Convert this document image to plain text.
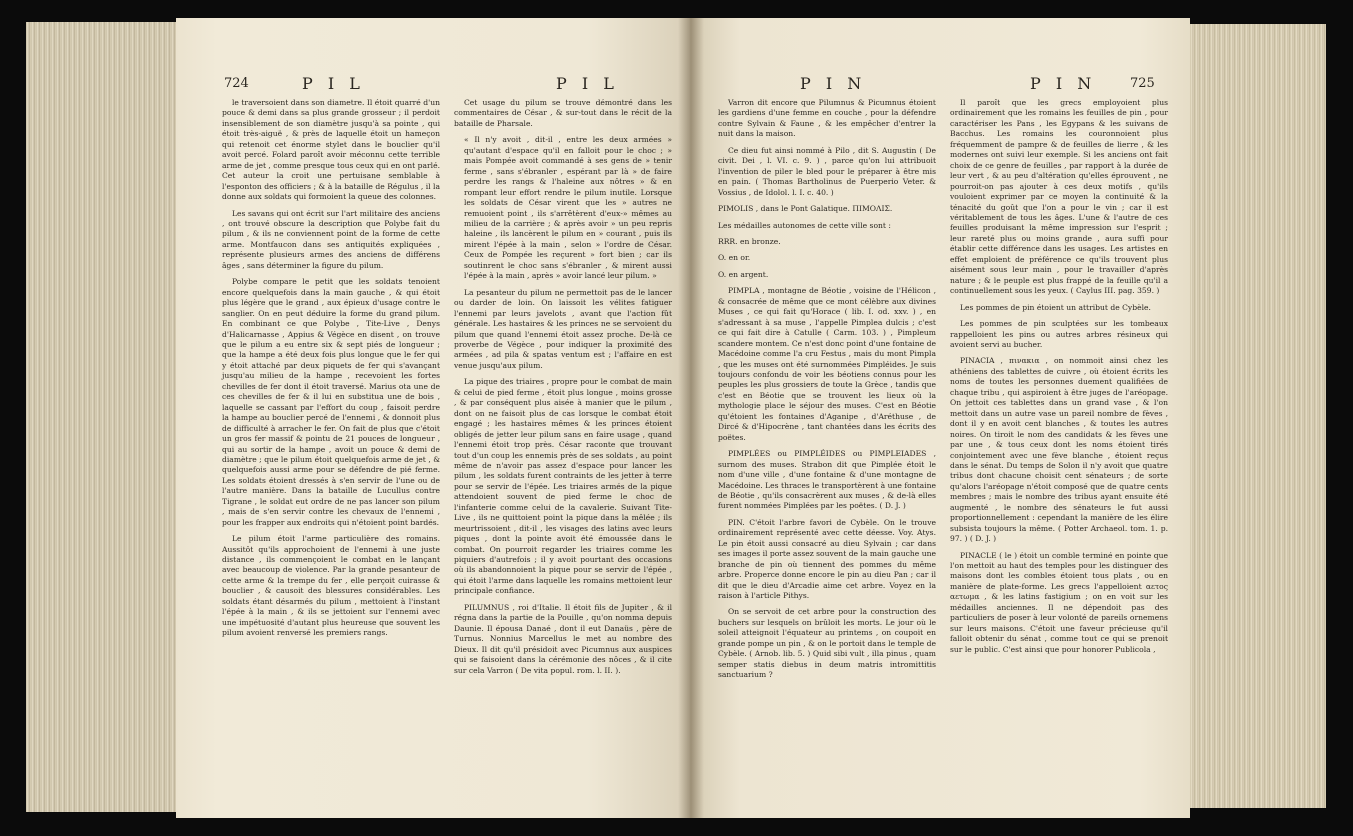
724	P I L	P I L

le traversoient dans son diametre. Il étoit quarré d'un pouce & demi dans sa plus grande grosseur ; il perdoit insensiblement de son diamètre jusqu'à sa pointe , qui étoit très-aiguë , & près de laquelle étoit un hameçon qui retenoit cet énorme stylet dans le bouclier qu'il avoit percé. Folard paroît avoir méconnu cette terrible arme de jet , comme presque tous ceux qui en ont parlé. Cet auteur la croit une pertuisane semblable à l'esponton des officiers ; & à la bataille de Régulus , il la donne aux soldats qui formoient la queue des colonnes.

Les savans qui ont écrit sur l'art militaire des anciens , ont trouvé obscure la description que Polybe fait du pilum , & ils ne conviennent point de la forme de cette arme. Montfaucon dans ses antiquités expliquées , représente plusieurs armes des anciens de différens âges , sans déterminer la figure du pilum.

Polybe compare le petit que les soldats tenoient encore quelquefois dans la main gauche , & qui étoit plus légère que le grand , aux épieux d'usage contre le sanglier. On en peut déduire la forme du grand pilum. En combinant ce que Polybe , Tite-Live , Denys d'Halicarnasse , Appius & Végèce en disent , on trouve que le pilum a eu entre six & sept piés de longueur ; que la hampe a été deux fois plus longue que le fer qui y étoit attaché par deux piquets de fer qui s'avançant jusqu'au milieu de la hampe , recevoient les fortes chevilles de fer dont il étoit traversé. Marius ota une de ces chevilles de fer & il lui en substitua une de bois , laquelle se cassant par l'effort du coup , faisoit perdre la hampe au bouclier percé de l'ennemi , & donnoit plus de difficulté à arracher le fer. On fait de plus que c'étoit un gros fer massif & pointu de 21 pouces de longueur , qui au sortir de la hampe , avoit un pouce & demi de diamètre ; que le pilum étoit quelquefois arme de jet , & quelquefois aussi arme pour se défendre de pié ferme. Les soldats étoient dressés à s'en servir de l'une ou de l'autre manière. Dans la bataille de Lucullus contre Tigrane , le soldat eut ordre de ne pas lancer son pilum , mais de s'en servir contre les chevaux de l'ennemi , pour les frapper aux endroits qui n'étoient point bardés.

Le pilum étoit l'arme particulière des romains. Aussitôt qu'ils approchoient de l'ennemi à une juste distance , ils commençoient le combat en le lançant avec beaucoup de violence. Par la grande pesanteur de cette arme & la trempe du fer , elle perçoit cuirasse & bouclier , & causoit des blessures considérables. Les soldats étant désarmés du pilum , mettoient à l'instant l'épée à la main , & ils se jettoient sur l'ennemi avec une impétuosité d'autant plus heureuse que souvent les pilum avoient renversé les premiers rangs.

Cet usage du pilum se trouve démontré dans les commentaires de César , & sur-tout dans le récit de la bataille de Pharsale.

« Il n'y avoit , dit-il , entre les deux armées » qu'autant d'espace qu'il en falloit pour le choc ; » mais Pompée avoit commandé à ses gens de » tenir ferme , sans s'ébranler , espérant par là » de faire perdre les rangs & l'haleine aux nôtres » & en rompant leur effort rendre le pilum inutile. Lorsque les soldats de César virent que les » autres ne remuoient point , ils s'arrêtèrent d'eux-» mêmes au milieu de la carrière ; & après avoir » un peu repris haleine , ils lancèrent le pilum en » courant , puis ils mirent l'épée à la main , selon » l'ordre de César. Ceux de Pompée les reçurent » fort bien ; car ils soutinrent le choc sans s'ébranler , & mirent aussi l'épée à la main , après » avoir lancé leur pilum. »

La pesanteur du pilum ne permettoit pas de le lancer ou darder de loin. On laissoit les vélites fatiguer l'ennemi par leurs javelots , avant que l'action fût générale. Les hastaires & les princes ne se servoient du pilum que quand l'ennemi étoit assez proche. De-là ce proverbe de Végèce , pour indiquer la proximité des armées , ad pila & spatas ventum est ; l'affaire en est venue jusqu'aux pilum.

La pique des triaires , propre pour le combat de main & celui de pied ferme , étoit plus longue , moins grosse , & par conséquent plus aisée à manier que le pilum , dont on ne faisoit plus de cas lorsque le combat étoit engagé ; les hastaires mêmes & les princes étoient obligés de jetter leur pilum sans en faire usage , quand l'ennemi étoit trop près. César raconte que trouvant tout d'un coup les ennemis près de ses soldats , au point même de n'avoir pas assez d'espace pour lancer les pilum , les soldats furent contraints de les jetter à terre pour se servir de l'épée. Les triaires armés de la pique attendoient souvent de pied ferme le choc de l'infanterie comme celui de la cavalerie. Suivant Tite-Live , ils ne quittoient point la pique dans la mêlée ; ils meurtrissoient , dit-il , les visages des latins avec leurs piques , dont la pointe avoit été émoussée dans le combat. On pourroit regarder les triaires comme les piquiers d'autrefois ; il y avoit pourtant des occasions où ils abandonnoient la pique pour se servir de l'épée , qui étoit l'arme dans laquelle les romains mettoient leur principale confiance.

PILUMNUS , roi d'Italie. Il étoit fils de Jupiter , & il régna dans la partie de la Pouille , qu'on nomma depuis Daunie. Il épousa Danaé , dont il eut Danaüs , père de Turnus. Nonnius Marcellus le met au nombre des Dieux. Il dit qu'il présidoit avec Picumnus aux auspices qui se faisoient dans la cérémonie des nôces , & il cite sur cela Varron ( De vita popul. rom. l. II. ).

P I N	P I N	725

Varron dit encore que Pilumnus & Picumnus étoient les gardiens d'une femme en couche , pour la défendre contre Sylvain & Faune , & les empêcher d'entrer la nuit dans la maison.

Ce dieu fut ainsi nommé à Pilo , dit S. Augustin ( De civit. Dei , l. VI. c. 9. ) , parce qu'on lui attribuoit l'invention de piler le bled pour le préparer à être mis en pain. ( Thomas Bartholinus de Puerperio Veter. & Vossius , de Idolol. l. I. c. 40. )

PIMOLIS , dans le Pont Galatique. ΠΙΜΟΛΙΣ.

Les médailles autonomes de cette ville sont :

RRR. en bronze.

O. en or.

O. en argent.

PIMPLA , montagne de Béotie , voisine de l'Hélicon , & consacrée de même que ce mont célèbre aux divines Muses , ce qui fait qu'Horace ( lib. I. od. xxv. ) , en s'adressant à sa muse , l'appelle Pimplea dulcis ; c'est ce qui fait dire à Catulle ( Carm. 103. ) , Pimpleum scandere montem. Ce n'est donc point d'une fontaine de Macédoine comme l'a cru Festus , mais du mont Pimpla , que les muses ont été surnommées Pimpléides. Je suis toujours confondu de voir les béotiens connus pour les peuples les plus grossiers de toute la Grèce , tandis que c'est en Béotie que se trouvent les lieux où la mythologie place le séjour des muses. C'est en Béotie qu'étoient les fontaines d'Aganipe , d'Aréthuse , de Dircé & d'Hipocrène , tant chantées dans les écrits des poëtes.

PIMPLÉES ou PIMPLÉIDES ou PIMPLEIADES , surnom des muses. Strabon dit que Pimplée étoit le nom d'une ville , d'une fontaine & d'une montagne de Macédoine. Les thraces le transportèrent à une fontaine de Béotie , qu'ils consacrèrent aux muses , & de-là elles furent nommées Pimplées par les poëtes. ( D. J. )

PIN. C'étoit l'arbre favori de Cybèle. On le trouve ordinairement représenté avec cette déesse. Voy. Atys. Le pin étoit aussi consacré au dieu Sylvain ; car dans ses images il porte assez souvent de la main gauche une branche de pin où tiennent des pommes du même arbre. Properce donne encore le pin au dieu Pan ; car il dit que le dieu d'Arcadie aime cet arbre. Voyez en la raison à l'article Pithys.

On se servoit de cet arbre pour la construction des buchers sur lesquels on brûloit les morts. Le jour où le soleil atteignoit l'équateur au printems , on coupoit en grande pompe un pin , & on le portoit dans le temple de Cybèle. ( Arnob. lib. 5. ) Quid sibi vult , illa pinus , quam semper statis diebus in deum matris intromittitis sanctuarium ?

Il paroît que les grecs employoient plus ordinairement que les romains les feuilles de pin , pour caractériser les Pans , les Egypans & les suivans de Bacchus. Les romains les couronnoient plus fréquemment de pampre & de feuilles de lierre , & les modernes ont suivi leur exemple. Si les anciens ont fait choix de ce genre de feuilles , par rapport à la durée de leur vert , & au peu d'altération qu'elles éprouvent , ne pourroit-on pas ajouter à ces deux motifs , qu'ils vouloient exprimer par ce moyen la continuité & la ténacité du goût que l'on a pour le vin ; car il est véritablement de tous les âges. L'une & l'autre de ces feuilles produisant la même impression sur l'esprit ; leur rareté plus ou moins grande , aura suffi pour établir cette différence dans les usages. Les artistes en effet emploient de préférence ce qu'ils trouvent plus aisément sous leur main , pour le travailler d'après nature ; & le peuple est plus frappé de la feuille qu'il a continuellement sous les yeux. ( Caylus III. pag. 359. )

Les pommes de pin étoient un attribut de Cybèle.

Les pommes de pin sculptées sur les tombeaux rappelloient les pins ou autres arbres résineux qui avoient servi au bucher.

PINACIA , πινακια , on nommoit ainsi chez les athéniens des tablettes de cuivre , où étoient écrits les noms de toutes les personnes duement qualifiées de chaque tribu , qui aspiroient à être juges de l'aréopage. On jettoit ces tablettes dans un grand vase , & l'on mettoit dans un autre vase un pareil nombre de fèves , dont il y en avoit cent blanches , & toutes les autres noires. On tiroit le nom des candidats & les fèves une par une , & tous ceux dont les noms étoient tirés conjointement avec une fève blanche , étoient reçus dans le sénat. Du temps de Solon il n'y avoit que quatre tribus dont chacune choisit cent sénateurs ; de sorte qu'alors l'aréopage n'étoit composé que de quatre cents membres ; mais le nombre des tribus ayant ensuite été augmenté , le nombre des sénateurs le fut aussi proportionnellement : cependant la manière de les élire subsista toujours la même. ( Potter Archaeol. tom. 1. p. 97. ) ( D. J. )

PINACLE ( le ) étoit un comble terminé en pointe que l'on mettoit au haut des temples pour les distinguer des maisons dont les combles étoient tous plats , ou en manière de plate-forme. Les grecs l'appelloient αετος αετωμα , & les latins fastigium ; on en voit sur les médailles anciennes. Il ne dépendoit pas des particuliers de poser à leur volonté de pareils ornemens sur leurs maisons. C'étoit une faveur précieuse qu'il falloit obtenir du sénat , comme tout ce qui se prenoit sur le public. C'est ainsi que pour honorer Publicola ,
